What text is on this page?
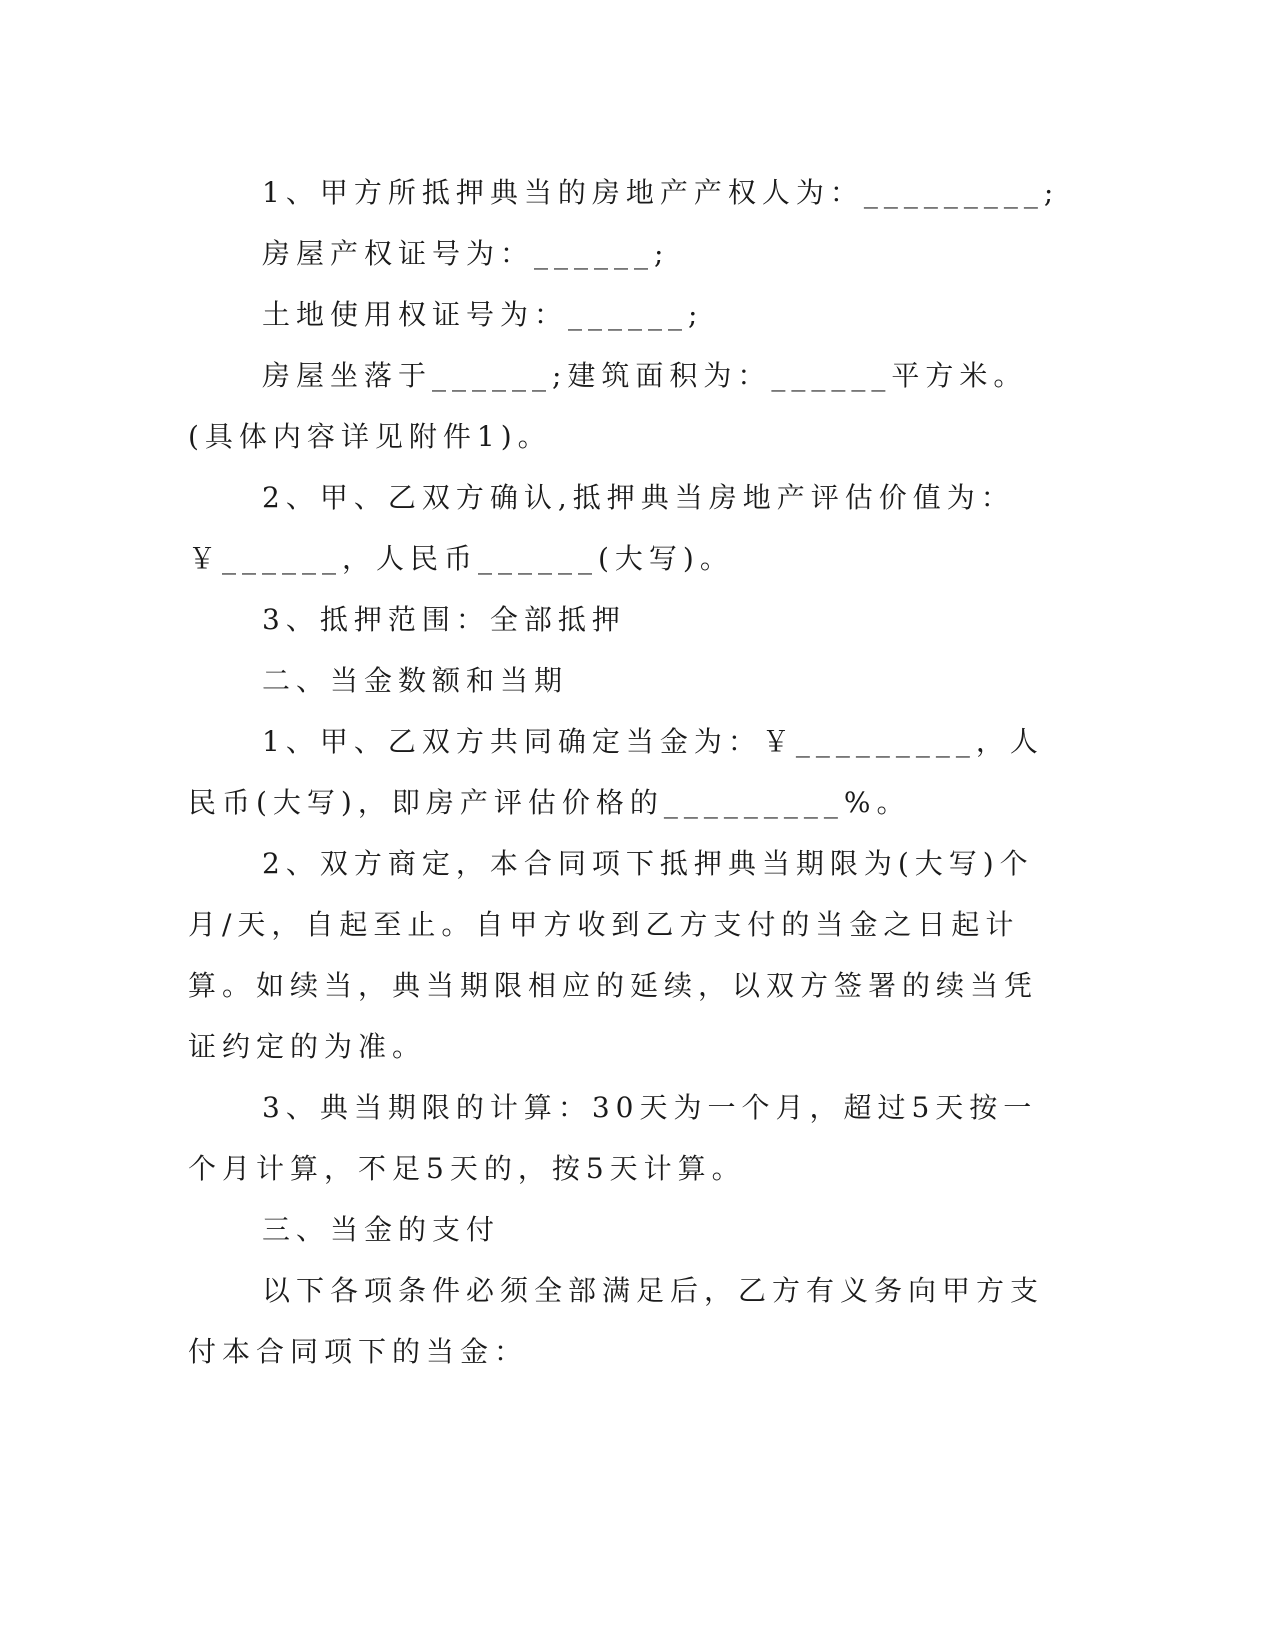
1、甲方所抵押典当的房地产产权人为：_________;

房屋产权证号为：______;

土地使用权证号为：______;

房屋坐落于______;建筑面积为：______平方米。(具体内容详见附件1)。

2、甲、乙双方确认,抵押典当房地产评估价值为：￥______，人民币______(大写)。

3、抵押范围：全部抵押

二、当金数额和当期

1、甲、乙双方共同确定当金为：￥_________，人民币(大写)，即房产评估价格的_________%。

2、双方商定，本合同项下抵押典当期限为(大写)个月/天，自起至止。自甲方收到乙方支付的当金之日起计算。如续当，典当期限相应的延续，以双方签署的续当凭证约定的为准。

3、典当期限的计算：30天为一个月，超过5天按一个月计算，不足5天的，按5天计算。

三、当金的支付

以下各项条件必须全部满足后，乙方有义务向甲方支付本合同项下的当金：
